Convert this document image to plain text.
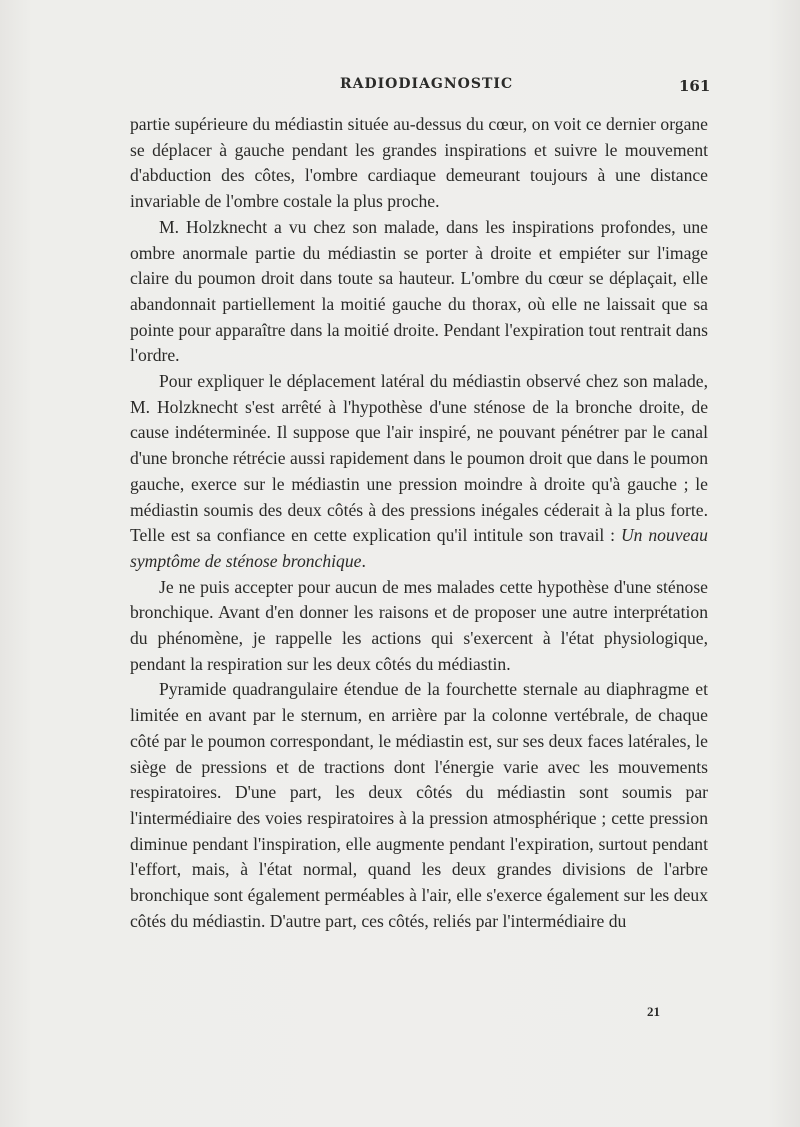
RADIODIAGNOSTIC	161

partie supérieure du médiastin située au-dessus du cœur, on voit ce dernier organe se déplacer à gauche pendant les grandes inspirations et suivre le mouvement d'abduction des côtes, l'ombre cardiaque demeurant toujours à une distance invariable de l'ombre costale la plus proche.

M. Holzknecht a vu chez son malade, dans les inspirations profondes, une ombre anormale partie du médiastin se porter à droite et empiéter sur l'image claire du poumon droit dans toute sa hauteur. L'ombre du cœur se déplaçait, elle abandonnait partiellement la moitié gauche du thorax, où elle ne laissait que sa pointe pour apparaître dans la moitié droite. Pendant l'expiration tout rentrait dans l'ordre.

Pour expliquer le déplacement latéral du médiastin observé chez son malade, M. Holzknecht s'est arrêté à l'hypothèse d'une sténose de la bronche droite, de cause indéterminée. Il suppose que l'air inspiré, ne pouvant pénétrer par le canal d'une bronche rétrécie aussi rapidement dans le poumon droit que dans le poumon gauche, exerce sur le médiastin une pression moindre à droite qu'à gauche ; le médiastin soumis des deux côtés à des pressions inégales céderait à la plus forte. Telle est sa confiance en cette explication qu'il intitule son travail : Un nouveau symptôme de sténose bronchique.

Je ne puis accepter pour aucun de mes malades cette hypothèse d'une sténose bronchique. Avant d'en donner les raisons et de proposer une autre interprétation du phénomène, je rappelle les actions qui s'exercent à l'état physiologique, pendant la respiration sur les deux côtés du médiastin.

Pyramide quadrangulaire étendue de la fourchette sternale au diaphragme et limitée en avant par le sternum, en arrière par la colonne vertébrale, de chaque côté par le poumon correspondant, le médiastin est, sur ses deux faces latérales, le siège de pressions et de tractions dont l'énergie varie avec les mouvements respiratoires. D'une part, les deux côtés du médiastin sont soumis par l'intermédiaire des voies respiratoires à la pression atmosphérique ; cette pression diminue pendant l'inspiration, elle augmente pendant l'expiration, surtout pendant l'effort, mais, à l'état normal, quand les deux grandes divisions de l'arbre bronchique sont également perméables à l'air, elle s'exerce également sur les deux côtés du médiastin. D'autre part, ces côtés, reliés par l'intermédiaire du

21
